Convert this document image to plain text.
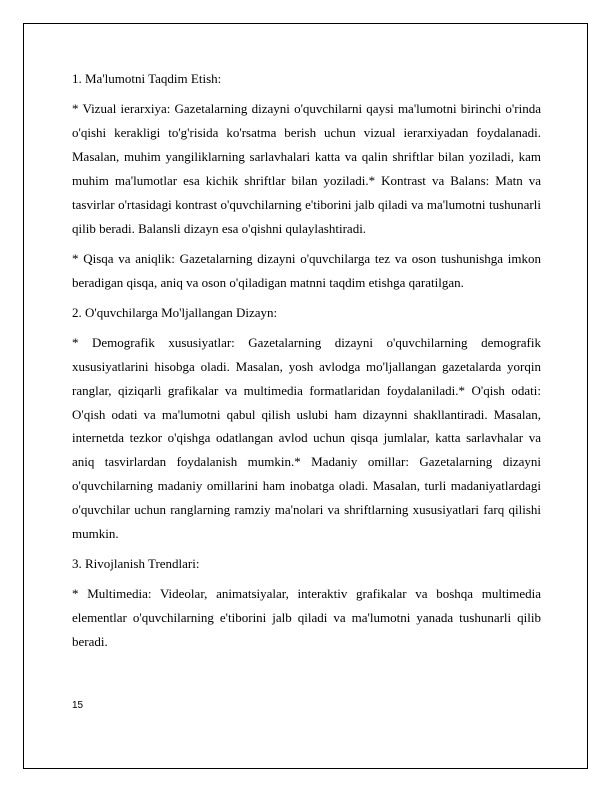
1. Ma'lumotni Taqdim Etish:

* Vizual ierarxiya: Gazetalarning dizayni o'quvchilarni qaysi ma'lumotni birinchi o'rinda o'qishi kerakligi to'g'risida ko'rsatma berish uchun vizual ierarxiyadan foydalanadi. Masalan, muhim yangiliklarning sarlavhalari katta va qalin shriftlar bilan yoziladi, kam muhim ma'lumotlar esa kichik shriftlar bilan yoziladi.* Kontrast va Balans: Matn va tasvirlar o'rtasidagi kontrast o'quvchilarning e'tiborini jalb qiladi va ma'lumotni tushunarli qilib beradi. Balansli dizayn esa o'qishni qulaylashtiradi.

* Qisqa va aniqlik: Gazetalarning dizayni o'quvchilarga tez va oson tushunishga imkon beradigan qisqa, aniq va oson o'qiladigan matnni taqdim etishga qaratilgan.

2. O'quvchilarga Mo'ljallangan Dizayn:

* Demografik xususiyatlar: Gazetalarning dizayni o'quvchilarning demografik xususiyatlarini hisobga oladi. Masalan, yosh avlodga mo'ljallangan gazetalarda yorqin ranglar, qiziqarli grafikalar va multimedia formatlaridan foydalaniladi.* O'qish odati: O'qish odati va ma'lumotni qabul qilish uslubi ham dizaynni shakllantiradi. Masalan, internetda tezkor o'qishga odatlangan avlod uchun qisqa jumlalar, katta sarlavhalar va aniq tasvirlardan foydalanish mumkin.* Madaniy omillar: Gazetalarning dizayni o'quvchilarning madaniy omillarini ham inobatga oladi. Masalan, turli madaniyatlardagi o'quvchilar uchun ranglarning ramziy ma'nolari va shriftlarning xususiyatlari farq qilishi mumkin.

3. Rivojlanish Trendlari:

* Multimedia: Videolar, animatsiyalar, interaktiv grafikalar va boshqa multimedia elementlar o'quvchilarning e'tiborini jalb qiladi va ma'lumotni yanada tushunarli qilib beradi.

15
